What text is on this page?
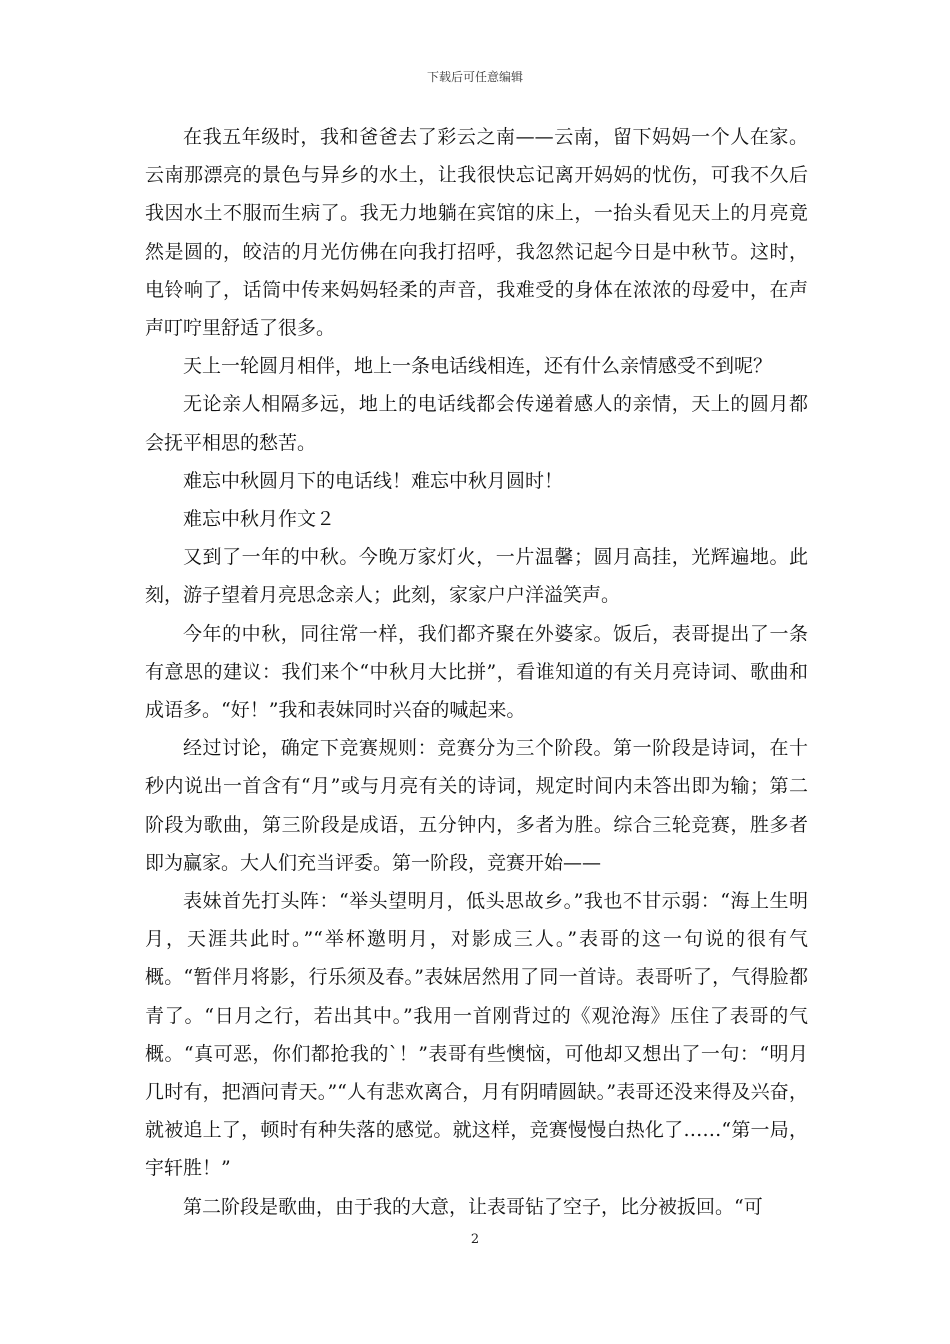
下载后可任意编辑

在我五年级时，我和爸爸去了彩云之南——云南，留下妈妈一个人在家。云南那漂亮的景色与异乡的水土，让我很快忘记离开妈妈的忧伤，可我不久后我因水土不服而生病了。我无力地躺在宾馆的床上，一抬头看见天上的月亮竟然是圆的，皎洁的月光仿佛在向我打招呼，我忽然记起今日是中秋节。这时，电铃响了，话筒中传来妈妈轻柔的声音，我难受的身体在浓浓的母爱中，在声声叮咛里舒适了很多。

天上一轮圆月相伴，地上一条电话线相连，还有什么亲情感受不到呢？

无论亲人相隔多远，地上的电话线都会传递着感人的亲情，天上的圆月都会抚平相思的愁苦。

难忘中秋圆月下的电话线！难忘中秋月圆时！

难忘中秋月作文２

又到了一年的中秋。今晚万家灯火，一片温馨；圆月高挂，光辉遍地。此刻，游子望着月亮思念亲人；此刻，家家户户洋溢笑声。

今年的中秋，同往常一样，我们都齐聚在外婆家。饭后，表哥提出了一条有意思的建议：我们来个“中秋月大比拼”，看谁知道的有关月亮诗词、歌曲和成语多。“好！”我和表妹同时兴奋的喊起来。

经过讨论，确定下竞赛规则：竞赛分为三个阶段。第一阶段是诗词，在十秒内说出一首含有“月”或与月亮有关的诗词，规定时间内未答出即为输；第二阶段为歌曲，第三阶段是成语，五分钟内，多者为胜。综合三轮竞赛，胜多者即为赢家。大人们充当评委。第一阶段，竞赛开始——

表妹首先打头阵：“举头望明月，低头思故乡。”我也不甘示弱：“海上生明月，天涯共此时。”“举杯邀明月，对影成三人。”表哥的这一句说的很有气概。“暂伴月将影，行乐须及春。”表妹居然用了同一首诗。表哥听了，气得脸都青了。“日月之行，若出其中。”我用一首刚背过的《观沧海》压住了表哥的气概。“真可恶，你们都抢我的`！”表哥有些懊恼，可他却又想出了一句：“明月几时有，把酒问青天。”“人有悲欢离合，月有阴晴圆缺。”表哥还没来得及兴奋，就被追上了，顿时有种失落的感觉。就这样，竞赛慢慢白热化了……“第一局，宇轩胜！”

第二阶段是歌曲，由于我的大意，让表哥钻了空子，比分被扳回。“可

2
